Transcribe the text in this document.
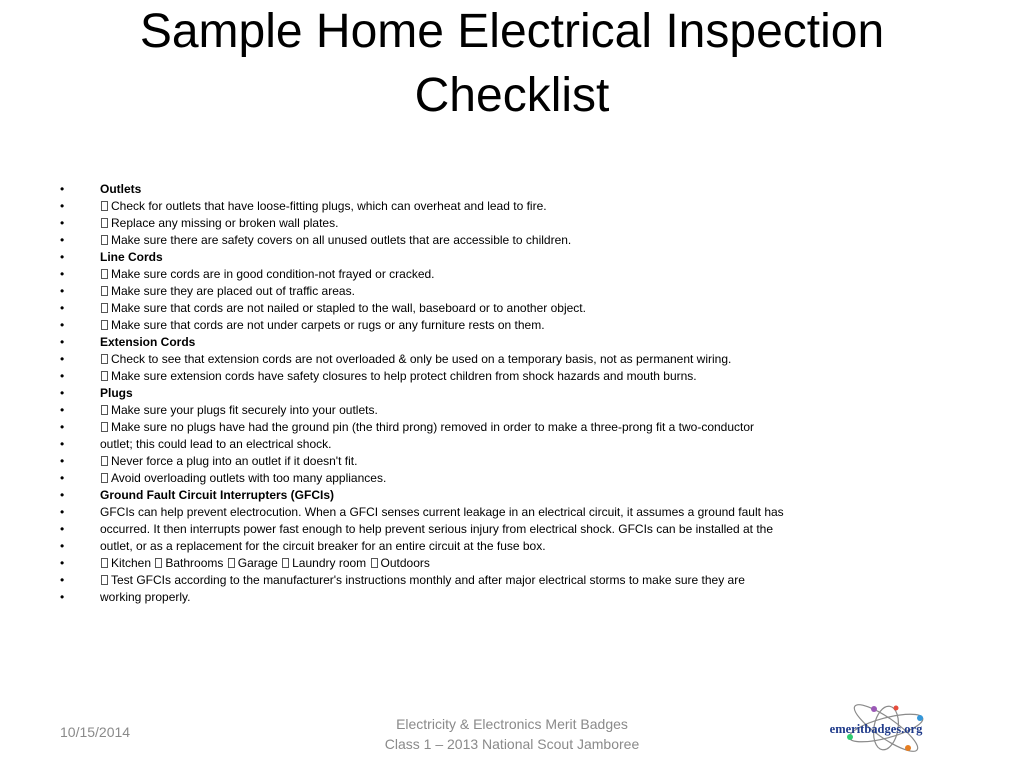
Sample Home Electrical Inspection Checklist
•	Outlets
•	Check for outlets that have loose-fitting plugs, which can overheat and lead to fire.
•	Replace any missing or broken wall plates.
•	Make sure there are safety covers on all unused outlets that are accessible to children.
•	Line Cords
•	Make sure cords are in good condition-not frayed or cracked.
•	Make sure they are placed out of traffic areas.
•	Make sure that cords are not nailed or stapled to the wall, baseboard or to another object.
•	Make sure that cords are not under carpets or rugs or any furniture rests on them.
•	Extension Cords
•	Check to see that extension cords are not overloaded & only be used on a temporary basis, not as permanent wiring.
•	Make sure extension cords have safety closures to help protect children from shock hazards and mouth burns.
•	Plugs
•	Make sure your plugs fit securely into your outlets.
•	Make sure no plugs have had the ground pin (the third prong) removed in order to make a three-prong fit a two-conductor
•	outlet; this could lead to an electrical shock.
•	Never force a plug into an outlet if it doesn't fit.
•	Avoid overloading outlets with too many appliances.
•	Ground Fault Circuit Interrupters (GFCIs)
•	GFCIs can help prevent electrocution. When a GFCI senses current leakage in an electrical circuit, it assumes a ground fault has
•	occurred. It then interrupts power fast enough to help prevent serious injury from electrical shock. GFCIs can be installed at the
•	outlet, or as a replacement for the circuit breaker for an entire circuit at the fuse box.
•	Kitchen Bathrooms Garage Laundry room Outdoors
•	Test GFCIs according to the manufacturer's instructions monthly and after major electrical storms to make sure they are
•	working properly.
10/15/2014	Electricity & Electronics Merit Badges
Class 1 – 2013 National Scout Jamboree
emeritbadges.org
